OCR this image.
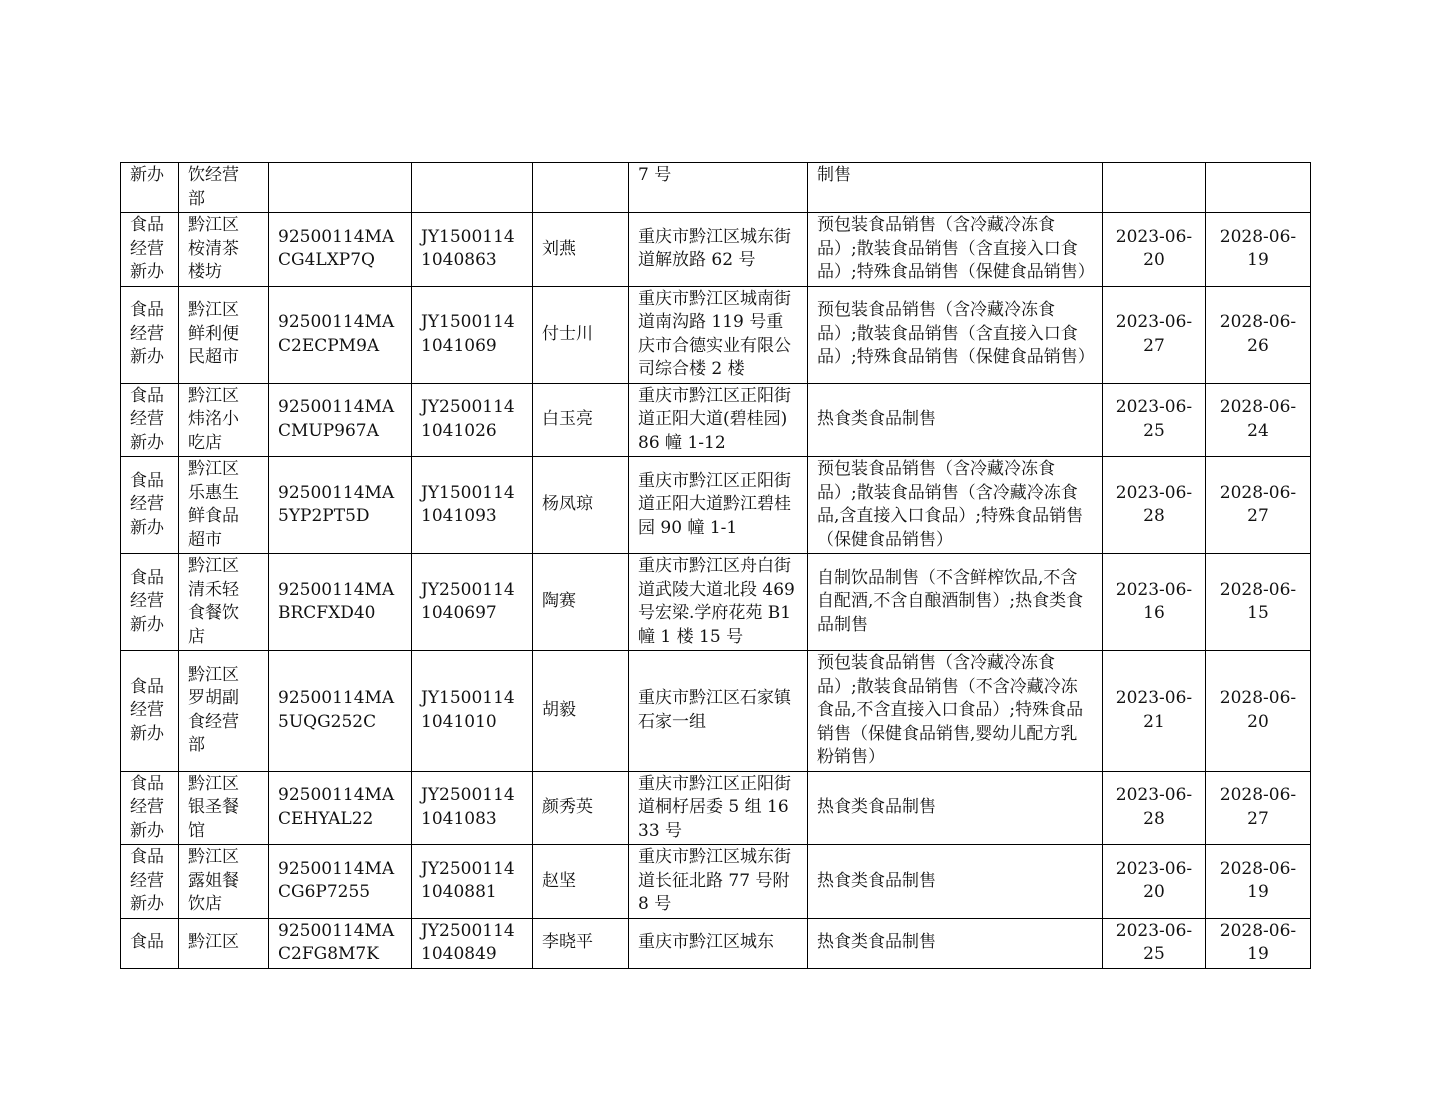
新办	饮经营部				7 号	制售		

食品经营新办	黔江区桉清茶楼坊	92500114MACG4LXP7Q	JY15001141040863	刘燕	重庆市黔江区城东街道解放路 62 号	预包装食品销售（含冷藏冷冻食品）;散装食品销售（含直接入口食品）;特殊食品销售（保健食品销售）	2023-06-20	2028-06-19

食品经营新办	黔江区鲜利便民超市	92500114MAC2ECPM9A	JY15001141041069	付士川	重庆市黔江区城南街道南沟路 119 号重庆市合德实业有限公司综合楼 2 楼	预包装食品销售（含冷藏冷冻食品）;散装食品销售（含直接入口食品）;特殊食品销售（保健食品销售）	2023-06-27	2028-06-26

食品经营新办	黔江区炜洺小吃店	92500114MACMUP967A	JY25001141041026	白玉亮	重庆市黔江区正阳街道正阳大道(碧桂园)86 幢 1-12	热食类食品制售	2023-06-25	2028-06-24

食品经营新办	黔江区乐惠生鲜食品超市	92500114MA5YP2PT5D	JY15001141041093	杨凤琼	重庆市黔江区正阳街道正阳大道黔江碧桂园 90 幢 1-1	预包装食品销售（含冷藏冷冻食品）;散装食品销售（含冷藏冷冻食品,含直接入口食品）;特殊食品销售（保健食品销售）	2023-06-28	2028-06-27

食品经营新办	黔江区清禾轻食餐饮店	92500114MABRCFXD40	JY25001141040697	陶赛	重庆市黔江区舟白街道武陵大道北段 469 号宏梁.学府花苑 B1 幢 1 楼 15 号	自制饮品制售（不含鲜榨饮品,不含自配酒,不含自酿酒制售）;热食类食品制售	2023-06-16	2028-06-15

食品经营新办	黔江区罗胡副食经营部	92500114MA5UQG252C	JY15001141041010	胡毅	重庆市黔江区石家镇石家一组	预包装食品销售（含冷藏冷冻食品）;散装食品销售（不含冷藏冷冻食品,不含直接入口食品）;特殊食品销售（保健食品销售,婴幼儿配方乳粉销售）	2023-06-21	2028-06-20

食品经营新办	黔江区银圣餐馆	92500114MACEHYAL22	JY25001141041083	颜秀英	重庆市黔江区正阳街道桐杍居委 5 组 1633 号	热食类食品制售	2023-06-28	2028-06-27

食品经营新办	黔江区露姐餐饮店	92500114MACG6P7255	JY25001141040881	赵坚	重庆市黔江区城东街道长征北路 77 号附 8 号	热食类食品制售	2023-06-20	2028-06-19

食品	黔江区	92500114MAC2FG8M7K	JY25001141040849	李晓平	重庆市黔江区城东	热食类食品制售	2023-06-25	2028-06-19
